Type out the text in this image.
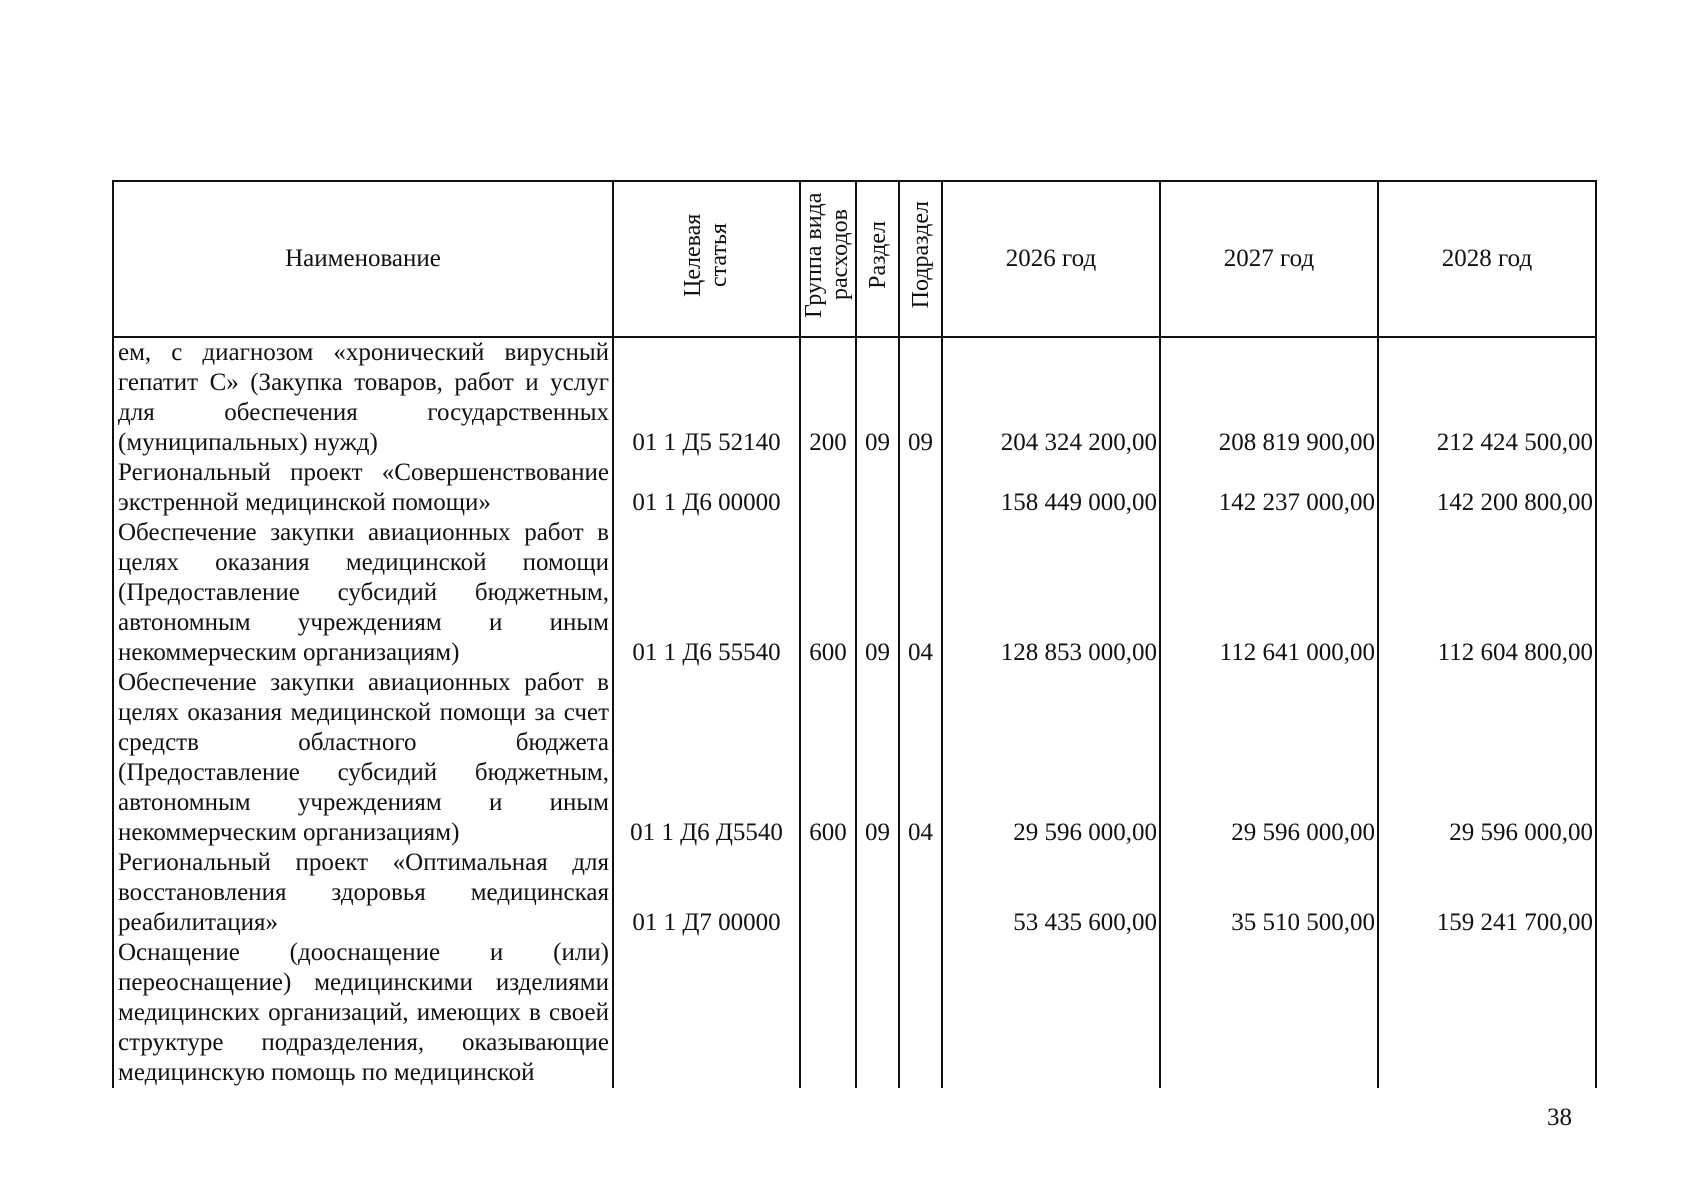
Наименование	Целевая статья	Группа вида расходов	Раздел	Подраздел	2026 год	2027 год	2028 год
ем, с диагнозом «хронический вирусный гепатит С» (Закупка товаров, работ и услуг для обеспечения государственных (муниципальных) нужд)	01 1 Д5 52140	200	09	09	204 324 200,00	208 819 900,00	212 424 500,00
Региональный проект «Совершенствование экстренной медицинской помощи»	01 1 Д6 00000				158 449 000,00	142 237 000,00	142 200 800,00
Обеспечение закупки авиационных работ в целях оказания медицинской помощи (Предоставление субсидий бюджетным, автономным учреждениям и иным некоммерческим организациям)	01 1 Д6 55540	600	09	04	128 853 000,00	112 641 000,00	112 604 800,00
Обеспечение закупки авиационных работ в целях оказания медицинской помощи за счет средств областного бюджета (Предоставление субсидий бюджетным, автономным учреждениям и иным некоммерческим организациям)	01 1 Д6 Д5540	600	09	04	29 596 000,00	29 596 000,00	29 596 000,00
Региональный проект «Оптимальная для восстановления здоровья медицинская реабилитация»	01 1 Д7 00000				53 435 600,00	35 510 500,00	159 241 700,00
Оснащение (дооснащение и (или) переоснащение) медицинскими изделиями медицинских организаций, имеющих в своей структуре подразделения, оказывающие медицинскую помощь по медицинской							
38
